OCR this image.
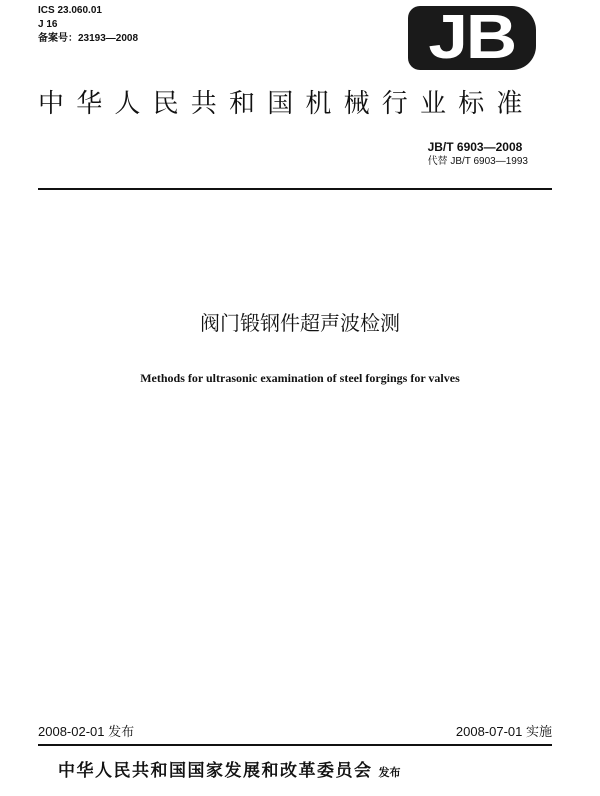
ICS 23.060.01
J 16
备案号：23193—2008	JB
中华人民共和国机械行业标准
JB/T 6903—2008
代替 JB/T 6903—1993
阀门锻钢件超声波检测
Methods for ultrasonic examination of steel forgings for valves
2008-02-01 发布	2008-07-01 实施
中华人民共和国国家发展和改革委员会 发布
